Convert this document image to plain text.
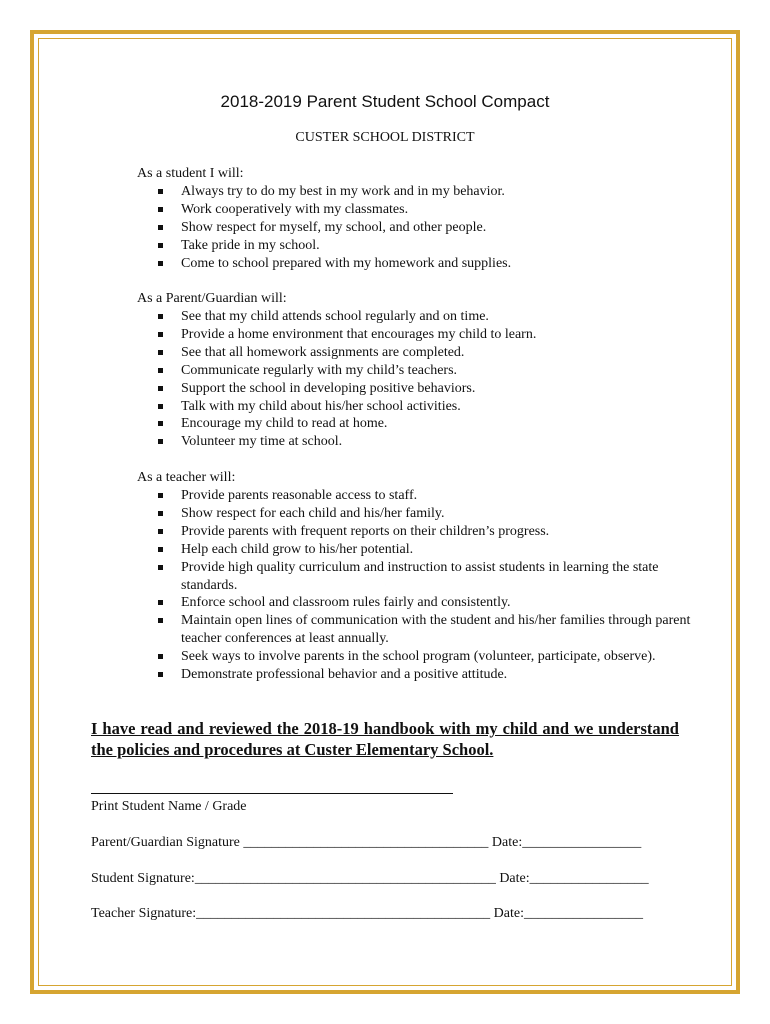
2018-2019 Parent Student School Compact
CUSTER SCHOOL DISTRICT
As a student I will:
Always try to do my best in my work and in my behavior.
Work cooperatively with my classmates.
Show respect for myself, my school, and other people.
Take pride in my school.
Come to school prepared with my homework and supplies.
As a Parent/Guardian will:
See that my child attends school regularly and on time.
Provide a home environment that encourages my child to learn.
See that all homework assignments are completed.
Communicate regularly with my child’s teachers.
Support the school in developing positive behaviors.
Talk with my child about his/her school activities.
Encourage my child to read at home.
Volunteer my time at school.
As a teacher will:
Provide parents reasonable access to staff.
Show respect for each child and his/her family.
Provide parents with frequent reports on their children’s progress.
Help each child grow to his/her potential.
Provide high quality curriculum and instruction to assist students in learning the state standards.
Enforce school and classroom rules fairly and consistently.
Maintain open lines of communication with the student and his/her families through parent teacher conferences at least annually.
Seek ways to involve parents in the school program (volunteer, participate, observe).
Demonstrate professional behavior and a positive attitude.
I have read and reviewed the 2018-19 handbook with my child and we understand the policies and procedures at Custer Elementary School.
Print Student Name / Grade
Parent/Guardian Signature ___________________________________ Date:_________________
Student Signature:___________________________________________ Date:_________________
Teacher Signature:__________________________________________ Date:_________________
